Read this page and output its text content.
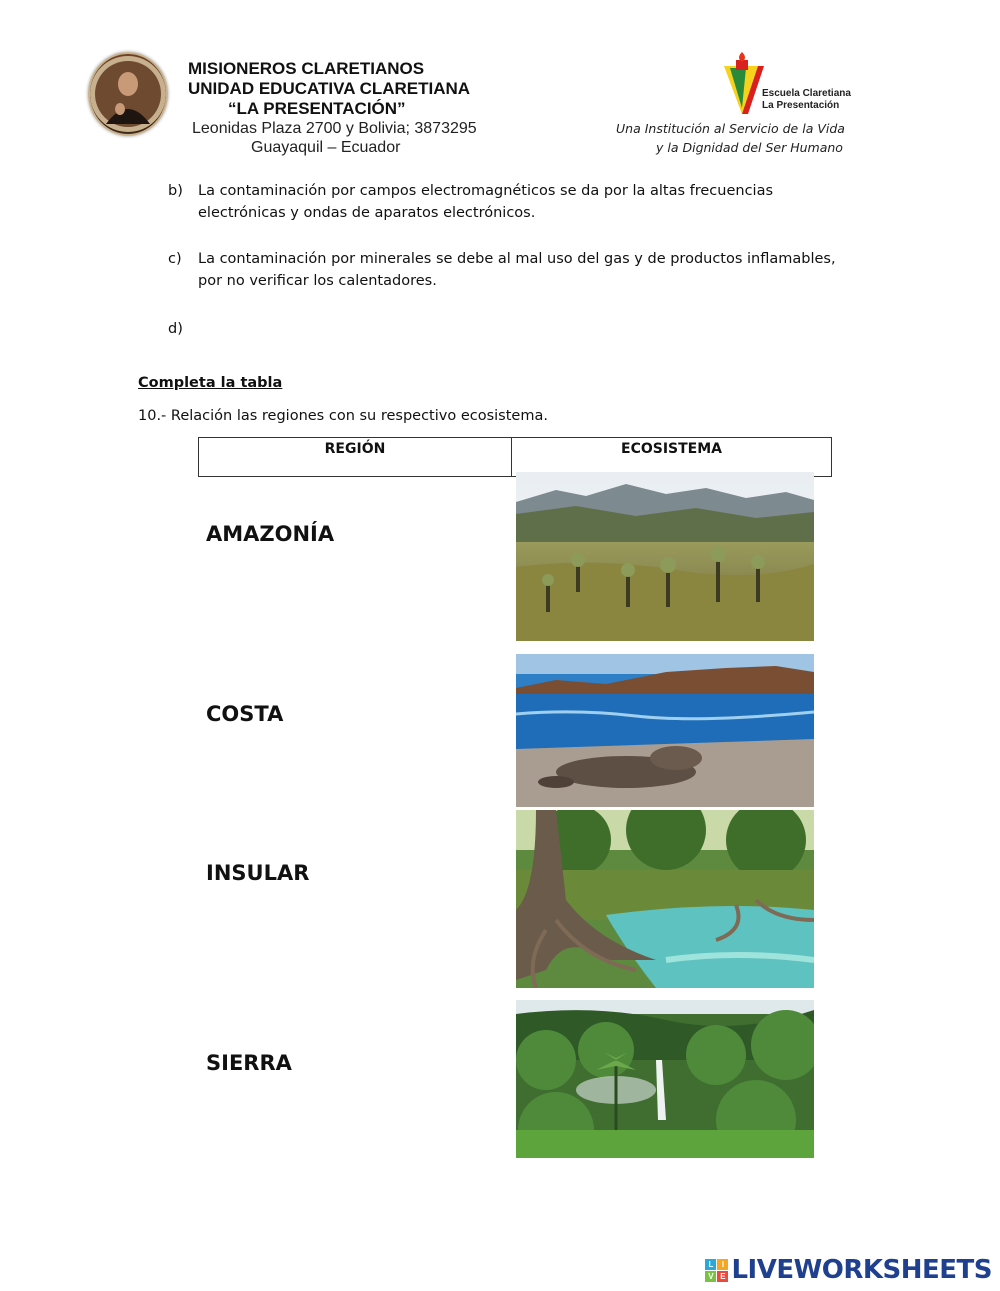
MISIONEROS CLARETIANOS
UNIDAD EDUCATIVA CLARETIANA
“LA PRESENTACIÓN”
Leonidas Plaza 2700 y Bolivia; 3873295
Guayaquil – Ecuador
Escuela Claretiana
La Presentación
Una Institución al Servicio de la Vida
y la Dignidad del Ser Humano
b) La contaminación por campos electromagnéticos se da por la altas frecuencias electrónicas y ondas de aparatos electrónicos.
c) La contaminación por minerales se debe al mal uso del gas y de productos inflamables, por no verificar los calentadores.
d)
Completa la tabla
10.- Relación las regiones con su respectivo ecosistema.
REGIÓN	ECOSISTEMA
AMAZONÍA
COSTA
INSULAR
SIERRA
L	I
V E LIVEWORKSHEETS
